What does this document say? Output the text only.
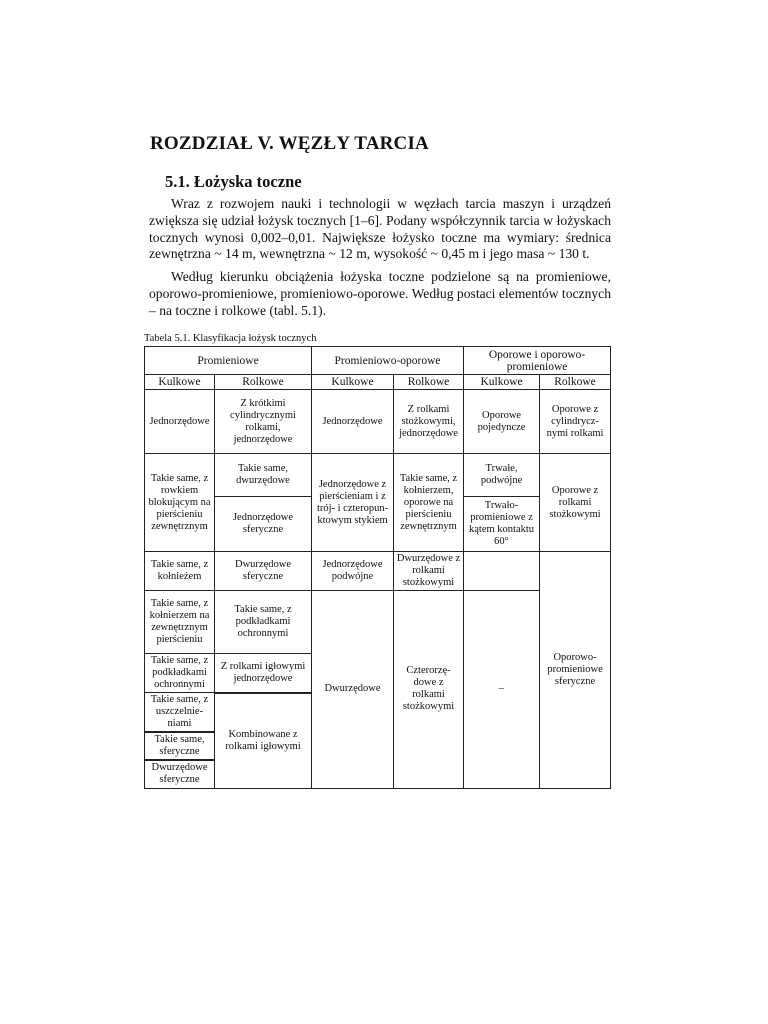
ROZDZIAŁ V. WĘZŁY TARCIA
5.1. Łożyska toczne

Wraz z rozwojem nauki i technologii w węzłach tarcia maszyn i urządzeń zwiększa się udział łożysk tocznych [1–6]. Podany współczynnik tarcia w łożyskach tocznych wynosi 0,002–0,01. Największe łożysko toczne ma wymiary: średnica zewnętrzna ~ 14 m, wewnętrzna ~ 12 m, wysokość ~ 0,45 m i jego masa ~ 130 t.

Według kierunku obciążenia łożyska toczne podzielone są na promieniowe, oporowo-promieniowe, promieniowo-oporowe. Według postaci elementów tocznych – na toczne i rolkowe (tabl. 5.1).

Tabela 5.1. Klasyfikacja łożysk tocznych

Promieniowe		Promieniowo-oporowe		Oporowe i oporowo-promieniowe	
Kulkowe	Rolkowe	Kulkowe	Rolkowe	Kulkowe	Rolkowe
Jednorzędowe	Z krótkimi cylindrycznymi rolkami, jednorzędowe	Jednorzędowe	Z rolkami stożkowymi, jednorzędowe	Oporowe pojedyncze	Oporowe z cylindrycz-nymi rolkami
Takie same, z rowkiem blokującym na pierścieniu zewnętrznym	Takie same, dwurzędowe	Jednorzędowe z pierścieniam i z trój- i czteropun-ktowym stykiem	Takie same, z kołnierzem, oporowe na pierścieniu zewnętrznym	Trwałe, podwójne	Oporowe z rolkami stożkowymi
	Jednorzędowe sferyczne			Trwało-promieniowe z kątem kontaktu 60°	
Takie same, z kołnieżem	Dwurzędowe sferyczne	Jednorzędowe podwójne	Dwurzędowe z rolkami stożkowymi		Oporowo-promieniowe sferyczne
Takie same, z kołnierzem na zewnętrznym pierścieniu	Takie same, z podkładkami ochronnymi	Dwurzędowe	Czterorzę-dowe z rolkami stożkowymi	–	
Takie same, z podkładkami ochronnymi	Z rolkami igłowymi jednorzędowe				
Takie same, z uszczelnie-niami	Kombinowane z rolkami igłowymi				
Takie same, sferyczne					
Dwurzędowe sferyczne					
